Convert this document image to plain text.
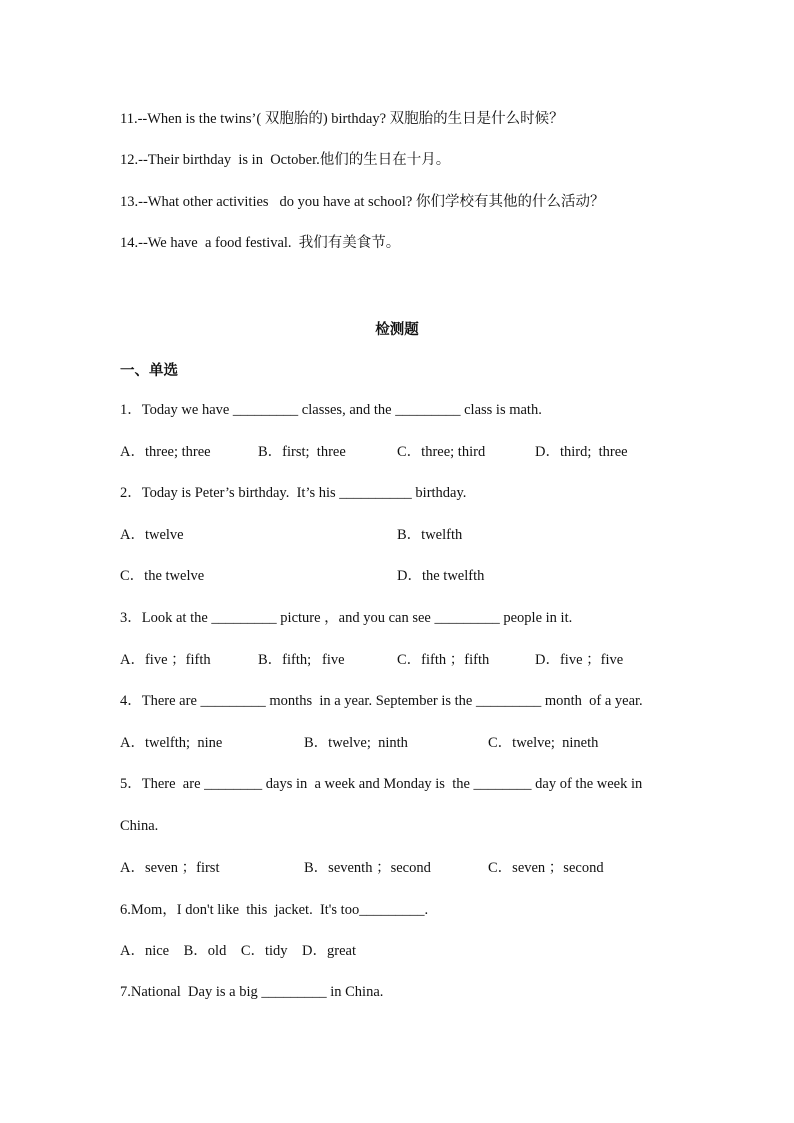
11.--When is the twins’( 双胞胎的) birthday? 双胞胎的生日是什么时候？
12.--Their birthday  is in  October.他们的生日在十月。
13.--What other activities   do you have at school? 你们学校有其他的什么活动？
14.--We have  a food festival.  我们有美食节。
检测题
一、单选
1．Today we have _________ classes, and the _________ class is math.
A．three; three	B．first;  three	C．three; third	D．third;  three
2．Today is Peter’s birthday.  It’s his __________ birthday.
A．twelve	B．twelfth
C．the twelve	D．the twelfth
3．Look at the _________ picture ，and you can see _________ people in it.
A．five ；fifth	B．fifth;   five	C．fifth ；fifth	D．five ；five
4．There are _________ months  in a year. September is the _________ month  of a year.
A．twelfth;  nine	B．twelve;  ninth	C．twelve;  nineth
5．There  are ________ days in  a week and Monday is  the ________ day of the week in
China.
A．seven ；first	B．seventh ；second	C．seven ；second
6.Mom，I don't like  this  jacket.  It's too_________.
A．nice    B．old    C．tidy    D．great
7.National  Day is a big _________ in China.
